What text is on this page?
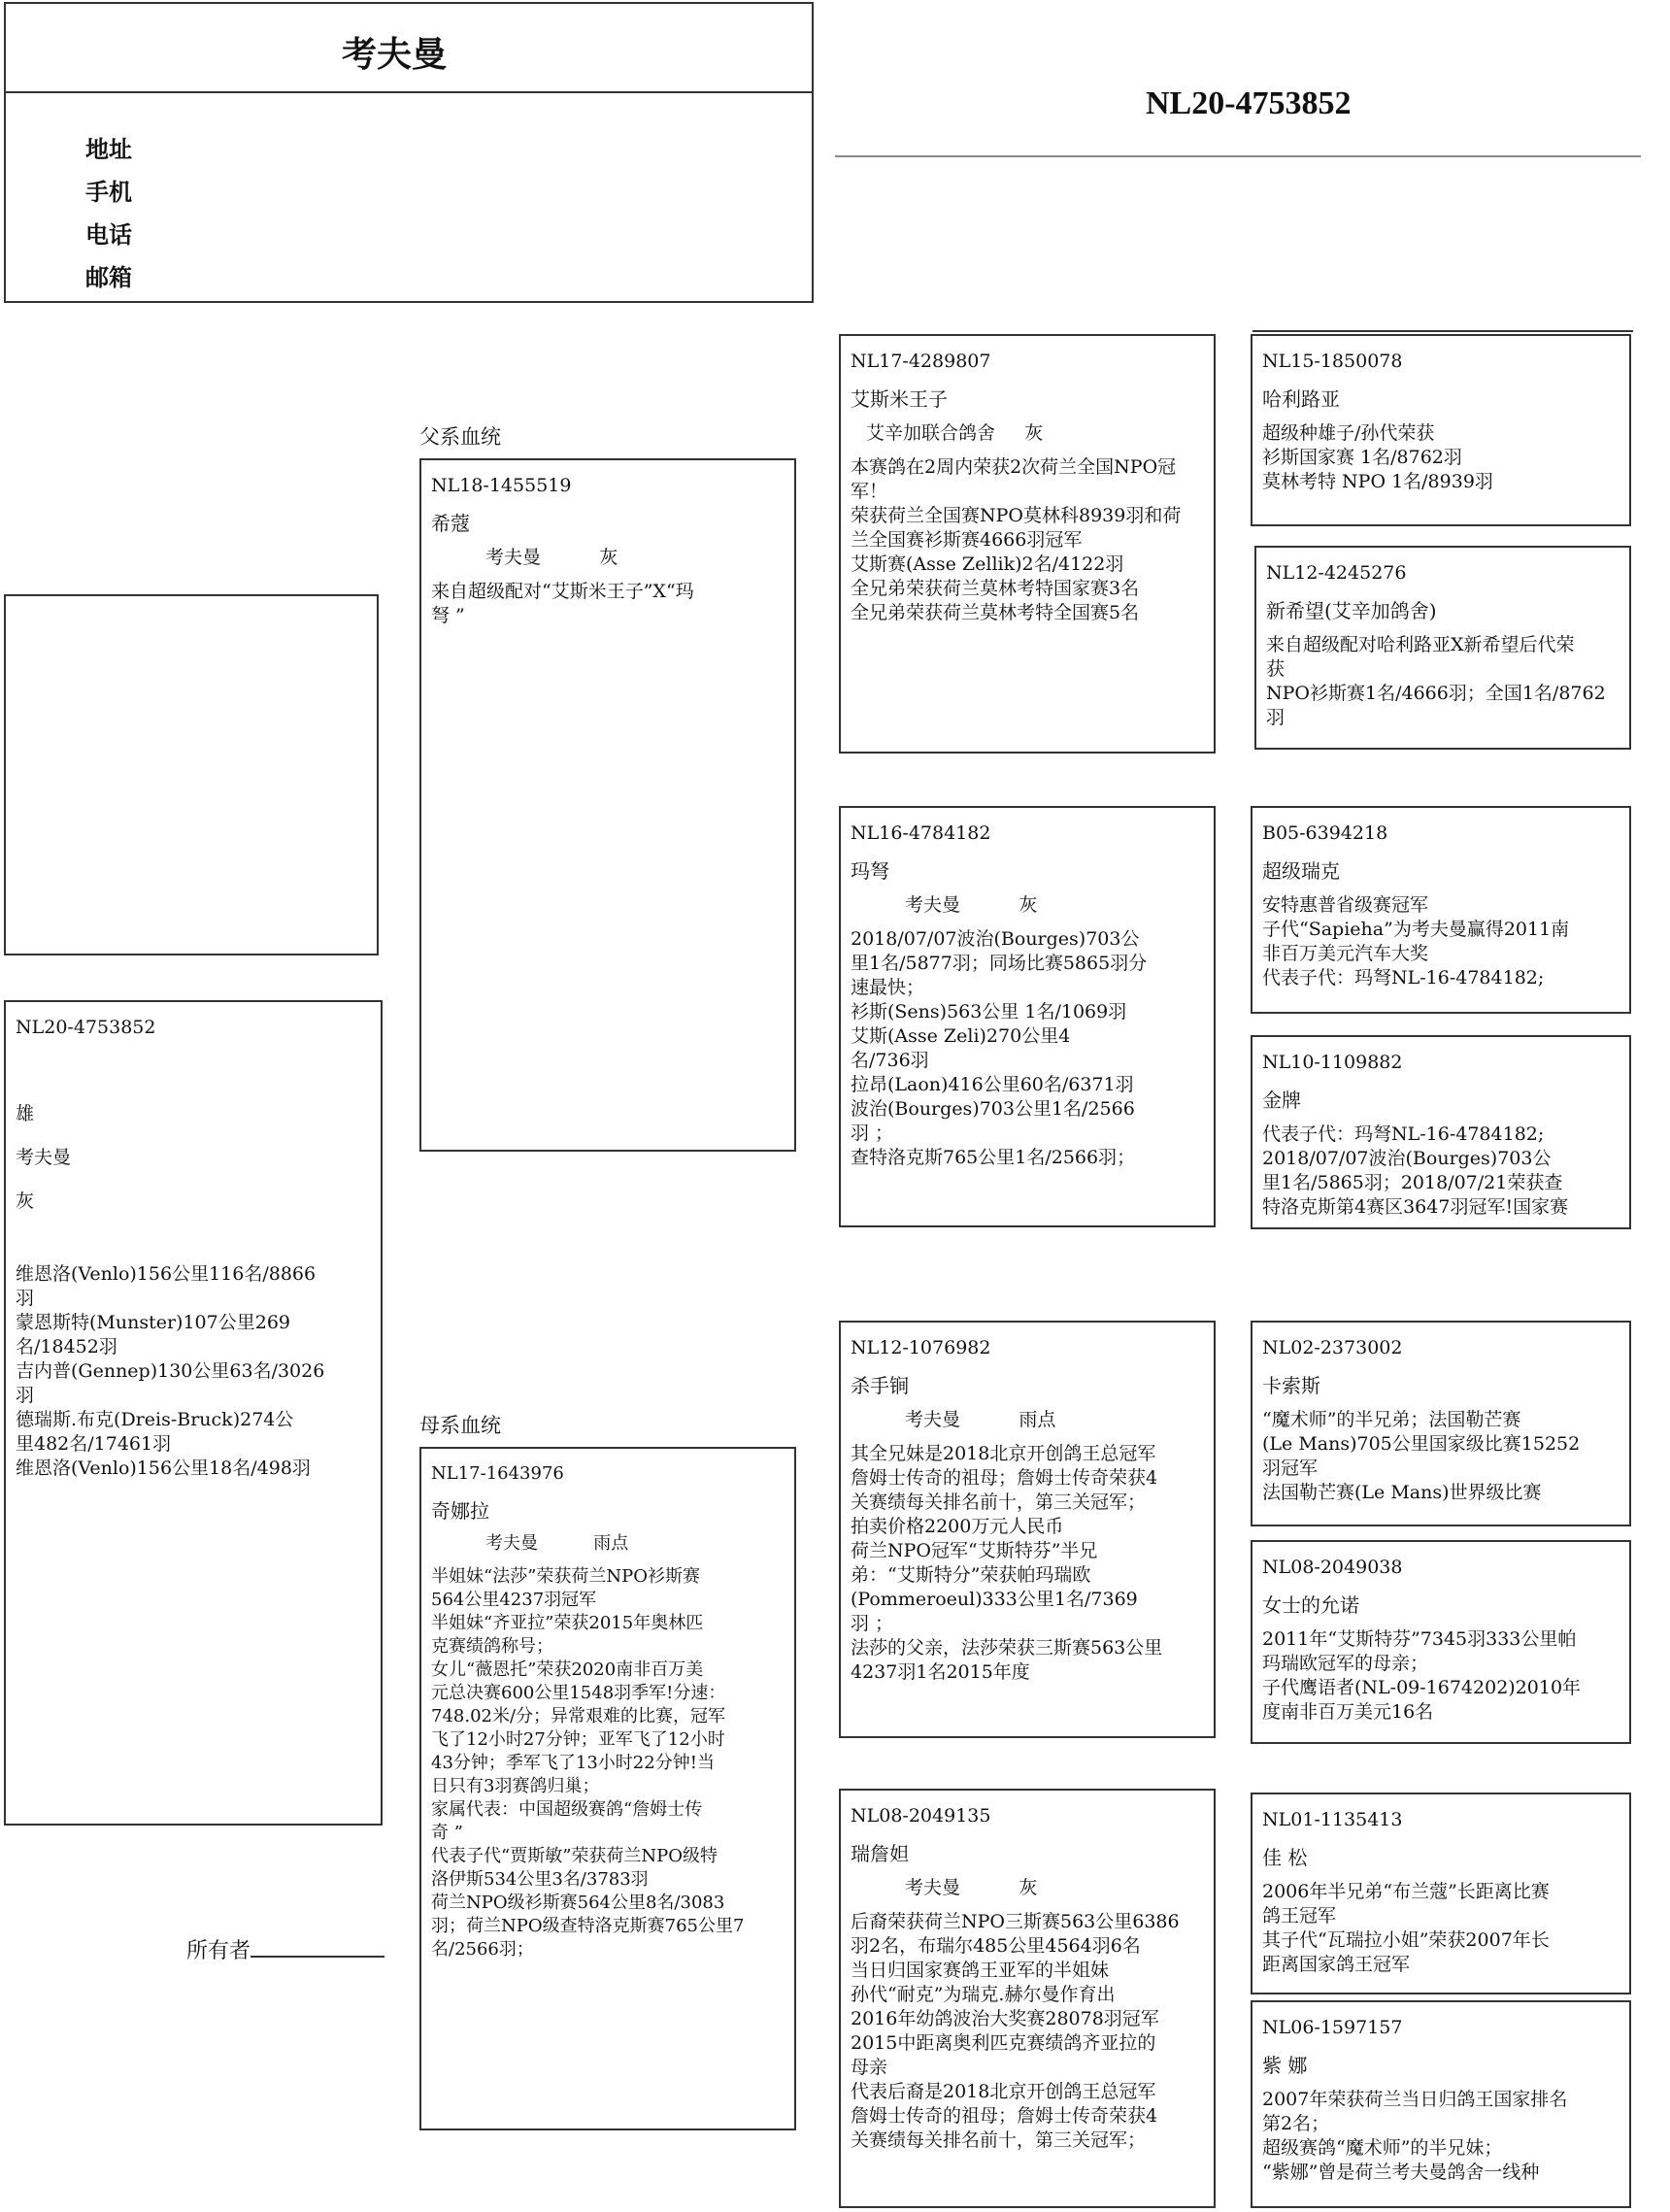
考夫曼
地址
手机
电话
邮箱
NL20-4753852
NL20-4753852
雄
考夫曼
灰
维恩洛(Venlo)156公里116名/8866
羽
蒙恩斯特(Munster)107公里269
名/18452羽
吉内普(Gennep)130公里63名/3026
羽
德瑞斯.布克(Dreis-Bruck)274公
里482名/17461羽
维恩洛(Venlo)156公里18名/498羽
所有者
父系血统
母系血统
NL18-1455519
希蔻
考夫曼          灰
来自超级配对“艾斯米王子”X“玛
弩 ”
NL17-1643976
奇娜拉
考夫曼          雨点
半姐妹“法莎”荣获荷兰NPO衫斯赛
564公里4237羽冠军
半姐妹“齐亚拉”荣获2015年奥林匹
克赛绩鸽称号；
女儿“薇恩托”荣获2020南非百万美
元总决赛600公里1548羽季军!分速：
748.02米/分；异常艰难的比赛，冠军
飞了12小时27分钟；亚军飞了12小时
43分钟；季军飞了13小时22分钟!当
日只有3羽赛鸽归巢；
家属代表：中国超级赛鸽“詹姆士传
奇 ”
代表子代“贾斯敏”荣获荷兰NPO级特
洛伊斯534公里3名/3783羽
荷兰NPO级衫斯赛564公里8名/3083
羽；荷兰NPO级查特洛克斯赛765公里7
名/2566羽；
NL17-4289807
艾斯米王子
艾辛加联合鸽舍     灰
本赛鸽在2周内荣获2次荷兰全国NPO冠
军！
荣获荷兰全国赛NPO莫林科8939羽和荷
兰全国赛衫斯赛4666羽冠军
艾斯赛(Asse Zellik)2名/4122羽
全兄弟荣获荷兰莫林考特国家赛3名
全兄弟荣获荷兰莫林考特全国赛5名
NL16-4784182
玛弩
考夫曼          灰
2018/07/07波治(Bourges)703公
里1名/5877羽；同场比赛5865羽分
速最快；
衫斯(Sens)563公里 1名/1069羽
艾斯(Asse Zeli)270公里4
名/736羽
拉昂(Laon)416公里60名/6371羽
波治(Bourges)703公里1名/2566
羽 ；
查特洛克斯765公里1名/2566羽；
NL12-1076982
杀手锏
考夫曼          雨点
其全兄妹是2018北京开创鸽王总冠军
詹姆士传奇的祖母；詹姆士传奇荣获4
关赛绩每关排名前十，第三关冠军；
拍卖价格2200万元人民币
荷兰NPO冠军“艾斯特芬”半兄
弟：“艾斯特分”荣获帕玛瑞欧
(Pommeroeul)333公里1名/7369
羽 ；
法莎的父亲，法莎荣获三斯赛563公里
4237羽1名2015年度
NL08-2049135
瑞詹妲
考夫曼          灰
后裔荣获荷兰NPO三斯赛563公里6386
羽2名，布瑞尔485公里4564羽6名
当日归国家赛鸽王亚军的半姐妹
孙代“耐克”为瑞克.赫尔曼作育出
2016年幼鸽波治大奖赛28078羽冠军
2015中距离奥利匹克赛绩鸽齐亚拉的
母亲
代表后裔是2018北京开创鸽王总冠军
詹姆士传奇的祖母；詹姆士传奇荣获4
关赛绩每关排名前十，第三关冠军；
NL15-1850078
哈利路亚
超级种雄子/孙代荣获
衫斯国家赛 1名/8762羽
莫林考特 NPO 1名/8939羽
NL12-4245276
新希望(艾辛加鸽舍)
来自超级配对哈利路亚X新希望后代荣
获
NPO衫斯赛1名/4666羽；全国1名/8762
羽
B05-6394218
超级瑞克
安特惠普省级赛冠军
子代“Sapieha”为考夫曼赢得2011南
非百万美元汽车大奖
代表子代：玛弩NL-16-4784182;
NL10-1109882
金牌
代表子代：玛弩NL-16-4784182;
2018/07/07波治(Bourges)703公
里1名/5865羽；2018/07/21荣获查
特洛克斯第4赛区3647羽冠军!国家赛
NL02-2373002
卡索斯
“魔术师”的半兄弟；法国勒芒赛
(Le Mans)705公里国家级比赛15252
羽冠军
法国勒芒赛(Le Mans)世界级比赛
NL08-2049038
女士的允诺
2011年“艾斯特芬”7345羽333公里帕
玛瑞欧冠军的母亲；
子代鹰语者(NL-09-1674202)2010年
度南非百万美元16名
NL01-1135413
佳 松
2006年半兄弟“布兰蔻”长距离比赛
鸽王冠军
其子代“瓦瑞拉小姐”荣获2007年长
距离国家鸽王冠军
NL06-1597157
紫 娜
2007年荣获荷兰当日归鸽王国家排名
第2名；
超级赛鸽“魔术师”的半兄妹；
“紫娜”曾是荷兰考夫曼鸽舍一线种
